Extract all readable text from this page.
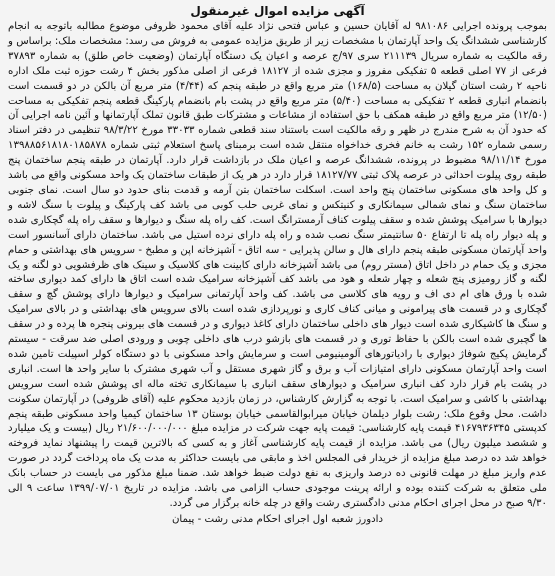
آگهی مزایده اموال غیرمنقول

بموجب پرونده اجرایی ۹۸۱۰۸۶ له آقایان حسین و عباس فتحی نژاد علیه آقای محمود ظروفی موضوع مطالبه باتوجه به انجام کارشناسی ششدانگ یک واحد آپارتمان با مشخصات زیر از طریق مزایده عمومی به فروش می رسد: مشخصات ملک: براساس و رقه مالکیت به شماره سریال ۲۱۱۱۳۹ سری ۹۷/ج عرصه و اعیان یک دستگاه آپارتمان (وضعیت خاص طلق) به شماره ۳۷۸۹۳ فرعی از ۷۷ اصلی قطعه ۵ تفکیکی مفروز و مجزی شده از ۱۸۱۲۷ فرعی از اصلی مذکور بخش ۴ رشت حوزه ثبت ملک اداره ناحیه ۲ رشت استان گیلان به مساحت (۱۶۸/۵) متر مربع واقع در طبقه پنجم که (۴/۴۴) متر مربع آن بالکن در دو قسمت است بانضمام انباری قطعه ۲ تفکیکی به مساحت (۵/۴۰) متر مربع واقع در پشت بام بانضمام پارکینگ قطعه پنجم تفکیکی به مساحت (۱۲/۵۰) متر مربع واقع در طبقه همکف با حق استفاده از مشاعات و مشترکات طبق قانون تملک آپارتمانها و آئین نامه اجرایی آن که حدود آن به شرح مندرج در ظهر و رقه مالکیت است باستناد سند قطعی شماره ۳۳۰۳۳ مورخ ۹۸/۳/۲۲ تنظیمی در دفتر اسناد رسمی شماره ۱۵۲ رشت به خانم فخری خداخواه منتقل شده است برمبنای پاسخ استعلام ثبتی شماره ۱۳۹۸۸۵۶۱۸۱۸۰۱۸۵۸۷۸ مورخ ۹۸/۱۱/۱۴ مضبوط در پرونده، ششدانگ عرصه و اعیان ملک در بازداشت قرار دارد. آپارتمان در طبقه پنجم ساختمان پنج طبقه روی پیلوت احداثی در عرصه پلاک ثبتی ۱۸۱۲۷/۷۷ قرار دارد در هر یک از طبقات ساختمان یک واحد مسکونی واقع می باشد و کل واحد های مسکونی ساختمان پنج واحد است. اسکلت ساختمان بتن آرمه و قدمت بنای حدود دو سال است. نمای جنوبی ساختمان سنگ و نمای شمالی سیمانکاری و کنیتکس و نمای غربی حلب کوبی می باشد کف پارکینگ و پیلوت با سنگ لاشه و دیوارها با سرامیک پوشش شده و سقف پیلوت کناف آرمسترانگ است. کف راه پله سنگ و دیوارها و سقف راه پله گچکاری شده و پله دیوار راه پله تا ارتفاع ۵۰ سانتیمتر سنگ نصب شده و راه پله دارای نرده استیل می باشد. ساختمان دارای آسانسور است واحد آپارتمان مسکونی طبقه پنجم دارای هال و سالن پذیرایی - سه اتاق - آشپزخانه اپن و مطبخ - سرویس های بهداشتی و حمام مجزی و یک حمام در داخل اتاق (مستر روم) می باشد آشپزخانه دارای کابینت های کلاسیک و سینک های ظرفشویی دو لگنه و یک لگنه و گاز رومیزی پنج شعله و چهار شعله و هود می باشد کف آشپزخانه سرامیک شده است اتاق ها دارای کمد دیواری ساخته شده با ورق های ام دی اف و رویه های کلاسی می باشد. کف واحد آپارتمانی سرامیک و دیوارها دارای پوشش گچ و سقف گچکاری و در قسمت های پیرامونی و میانی کناف کاری و نورپردازی شده است بالای سرویس های بهداشتی و در بالای سرامیک و سنگ ها کاشیکاری شده است دیوار های داخلی ساختمان دارای کاغذ دیواری و در قسمت های بیرونی پنجره ها پرده و در سقف ها گچبری شده است بالکن با حفاظ توری و در قسمت های بازشو درب های داخلی چوبی و ورودی اصلی ضد سرقت - سیستم گرمایش پکیج شوفاژ دیواری با رادیاتورهای آلومینیومی است و سرمایش واحد مسکونی با دو دستگاه کولر اسپیلت تامین شده است واحد آپارتمان مسکونی دارای امتیازات آب و برق و گاز شهری مستقل و آب شهری مشترک با سایر واحد ها است. انباری در پشت بام قرار دارد کف انباری سرامیک و دیوارهای سقف انباری با سیمانکاری تخته ماله ای پوشش شده است سرویس بهداشتی با کاشی و سرامیک است. با توجه به گزارش کارشناس، در زمان بازدید محکوم علیه (آقای ظروفی) در آپارتمان سکونت داشت. محل وقوع ملک: رشت بلوار دیلمان خیابان میرابوالقاسمی خیابان بوستان ۱۳ ساختمان کیمیا واحد مسکونی طبقه پنجم کدپستی ۴۱۶۷۹۳۶۳۴۵ قیمت پایه کارشناسی: قیمت پایه جهت شرکت در مزایده مبلغ ۲۱/۶۰۰/۰۰۰/۰۰۰ ریال (بیست و یک میلیارد و ششصد میلیون ریال) می باشد. مزایده از قیمت پایه کارشناسی آغاز و به کسی که بالاترین قیمت را پیشنهاد نماید فروخته خواهد شد ده درصد مبلغ مزایده از خریدار فی المجلس اخذ و مابقی می بایست حداکثر به مدت یک ماه پرداخت گردد در صورت عدم واریز مبلغ در مهلت قانونی ده درصد واریزی به نفع دولت ضبط خواهد شد. ضمنا مبلغ مذکور می بایست در حساب بانک ملی متعلق به شرکت کننده بوده و ارائه پرینت موجودی حساب الزامی می باشد. مزایده در تاریخ ۱۳۹۹/۰۷/۰۱ ساعت ۹ الی ۹/۳۰ صبح در محل اجرای احکام مدنی دادگستری رشت واقع در چله خانه برگزار می گردد.

دادورز شعبه اول اجرای احکام مدنی رشت - پیمان
